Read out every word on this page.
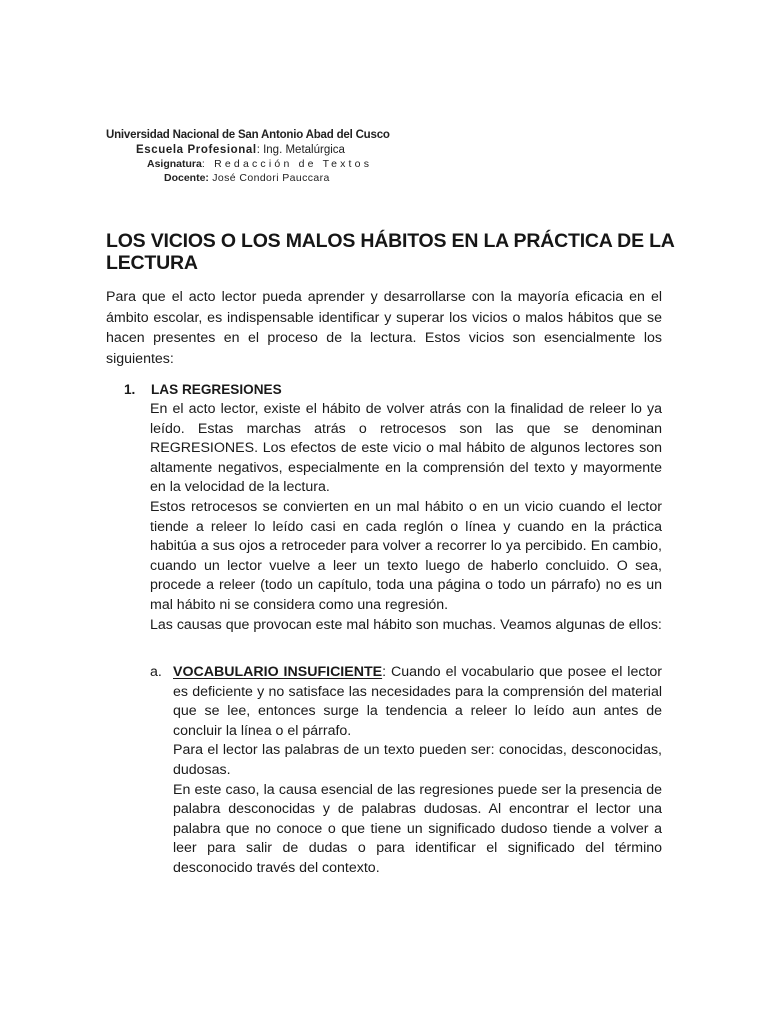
Universidad Nacional de San Antonio Abad del Cusco
Escuela Profesional: Ing. Metalúrgica
Asignatura: Redacción de Textos
Docente: José Condori Pauccara
LOS VICIOS O LOS MALOS HÁBITOS EN LA PRÁCTICA DE LA LECTURA

Para que el acto lector pueda aprender y desarrollarse con la mayoría eficacia en el ámbito escolar, es indispensable identificar y superar los vicios o malos hábitos que se hacen presentes en el proceso de la lectura. Estos vicios son esencialmente los siguientes:

1. LAS REGRESIONES

En el acto lector, existe el hábito de volver atrás con la finalidad de releer lo ya leído. Estas marchas atrás o retrocesos son las que se denominan REGRESIONES. Los efectos de este vicio o mal hábito de algunos lectores son altamente negativos, especialmente en la comprensión del texto y mayormente en la velocidad de la lectura.

Estos retrocesos se convierten en un mal hábito o en un vicio cuando el lector tiende a releer lo leído casi en cada reglón o línea y cuando en la práctica habitúa a sus ojos a retroceder para volver a recorrer lo ya percibido. En cambio, cuando un lector vuelve a leer un texto luego de haberlo concluido. O sea, procede a releer (todo un capítulo, toda una página o todo un párrafo) no es un mal hábito ni se considera como una regresión.

Las causas que provocan este mal hábito son muchas. Veamos algunas de ellos:

a. VOCABULARIO INSUFICIENTE: Cuando el vocabulario que posee el lector es deficiente y no satisface las necesidades para la comprensión del material que se lee, entonces surge la tendencia a releer lo leído aun antes de concluir la línea o el párrafo.

Para el lector las palabras de un texto pueden ser: conocidas, desconocidas, dudosas.

En este caso, la causa esencial de las regresiones puede ser la presencia de palabra desconocidas y de palabras dudosas. Al encontrar el lector una palabra que no conoce o que tiene un significado dudoso tiende a volver a leer para salir de dudas o para identificar el significado del término desconocido través del contexto.
